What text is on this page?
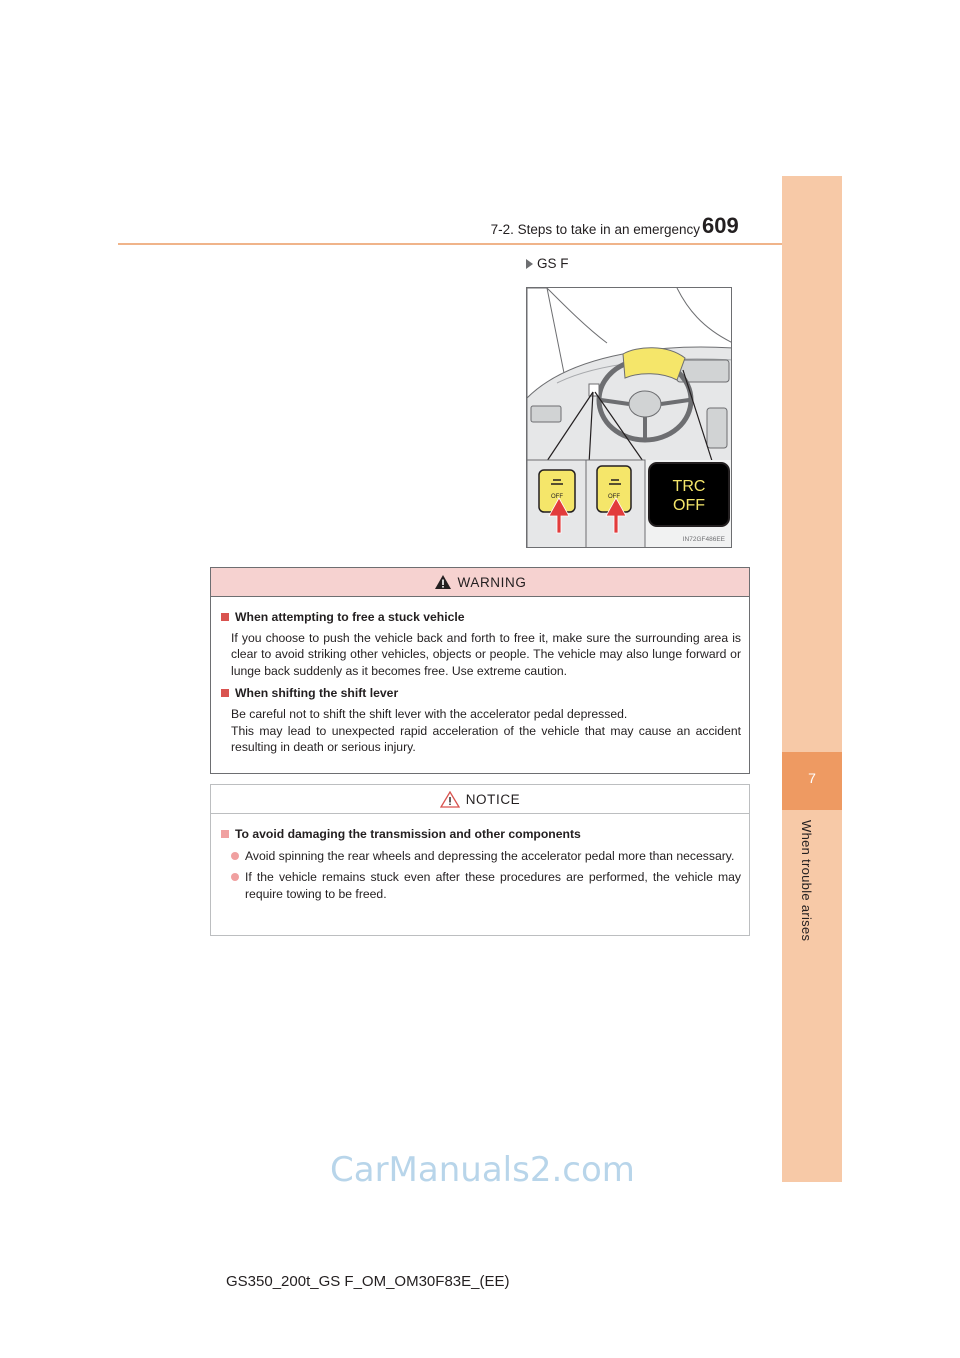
7-2. Steps to take in an emergency 609
7
When trouble arises
GS F
OFF	OFF
TRC
OFF
IN72GF486EE
WARNING
When attempting to free a stuck vehicle

If you choose to push the vehicle back and forth to free it, make sure the surrounding area is clear to avoid striking other vehicles, objects or people. The vehicle may also lunge forward or lunge back suddenly as it becomes free. Use extreme caution.

When shifting the shift lever

Be careful not to shift the shift lever with the accelerator pedal depressed.

This may lead to unexpected rapid acceleration of the vehicle that may cause an accident resulting in death or serious injury.

NOTICE
To avoid damaging the transmission and other components
Avoid spinning the rear wheels and depressing the accelerator pedal more than necessary.
If the vehicle remains stuck even after these procedures are performed, the vehicle may require towing to be freed.
CarManuals2.com
GS350_200t_GS F_OM_OM30F83E_(EE)
